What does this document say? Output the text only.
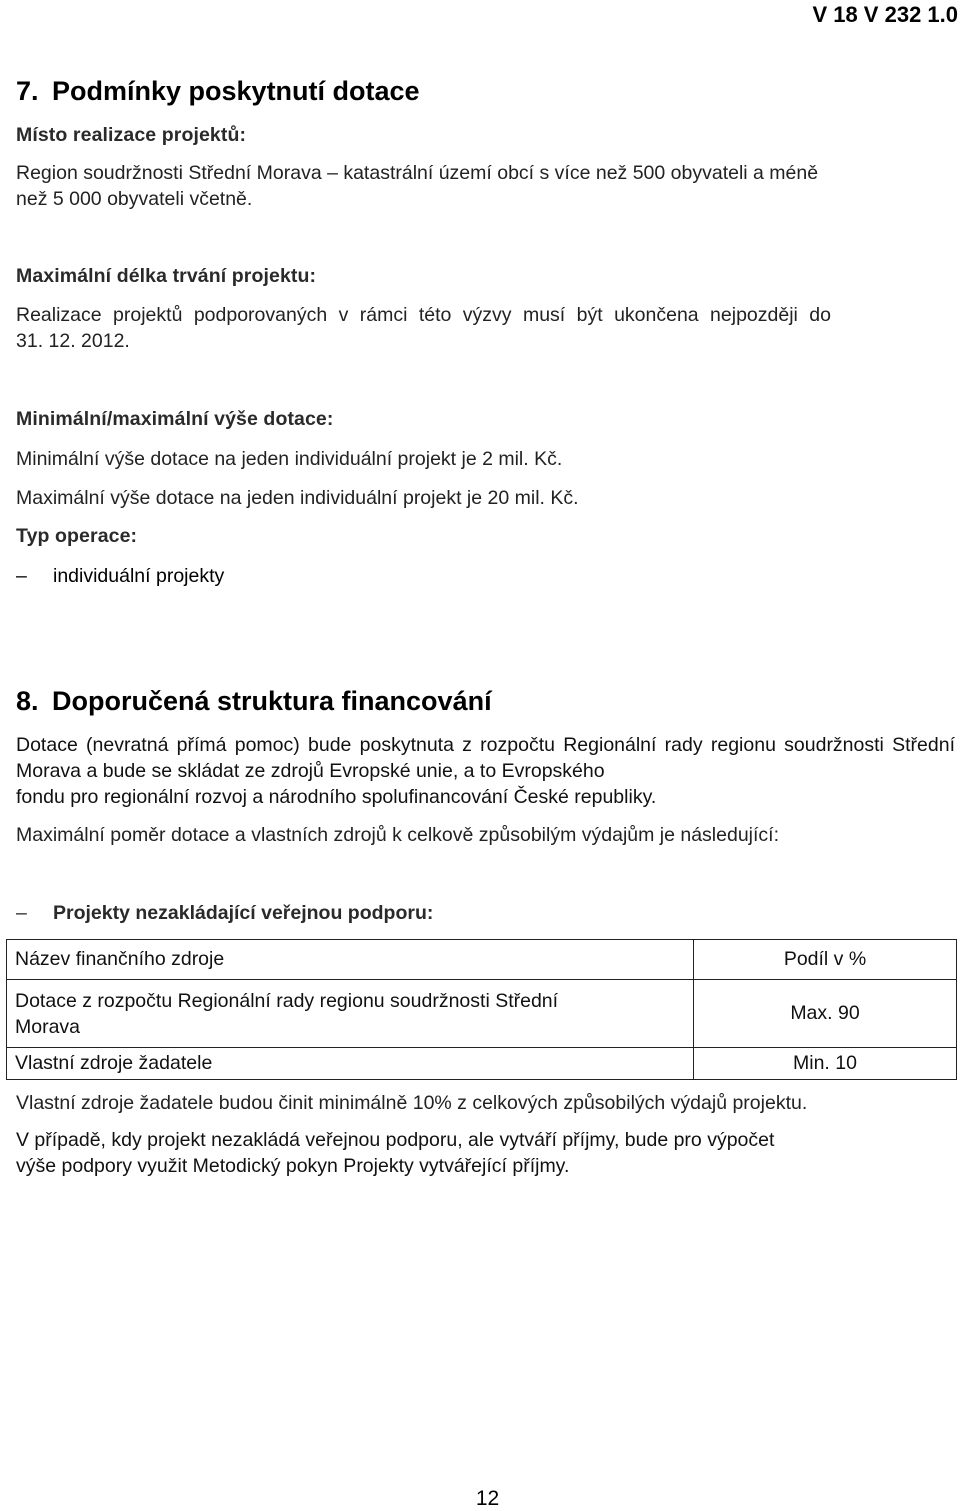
V 18 V 232 1.0
7. Podmínky poskytnutí dotace
Místo realizace projektů:
Region soudržnosti Střední Morava – katastrální území obcí s více než 500 obyvateli a méně
než 5 000 obyvateli včetně.
Maximální délka trvání projektu:
Realizace projektů podporovaných v rámci této výzvy musí být ukončena nejpozději do
31. 12. 2012.
Minimální/maximální výše dotace:
Minimální výše dotace na jeden individuální projekt je 2 mil. Kč.
Maximální výše dotace na jeden individuální projekt je 20 mil. Kč.
Typ operace:
– individuální projekty
8. Doporučená struktura financování
Dotace (nevratná přímá pomoc) bude poskytnuta z rozpočtu Regionální rady regionu soudržnosti Střední Morava a bude se skládat ze zdrojů Evropské unie, a to Evropského
fondu pro regionální rozvoj a národního spolufinancování České republiky.
Maximální poměr dotace a vlastních zdrojů k celkově způsobilým výdajům je následující:
– Projekty nezakládající veřejnou podporu:
Název finančního zdroje	Podíl v %
Dotace z rozpočtu Regionální rady regionu soudržnosti Střední
Morava	Max. 90
Vlastní zdroje žadatele	Min. 10
Vlastní zdroje žadatele budou činit minimálně 10% z celkových způsobilých výdajů projektu.
V případě, kdy projekt nezakládá veřejnou podporu, ale vytváří příjmy, bude pro výpočet
výše podpory využit Metodický pokyn Projekty vytvářející příjmy.
12
